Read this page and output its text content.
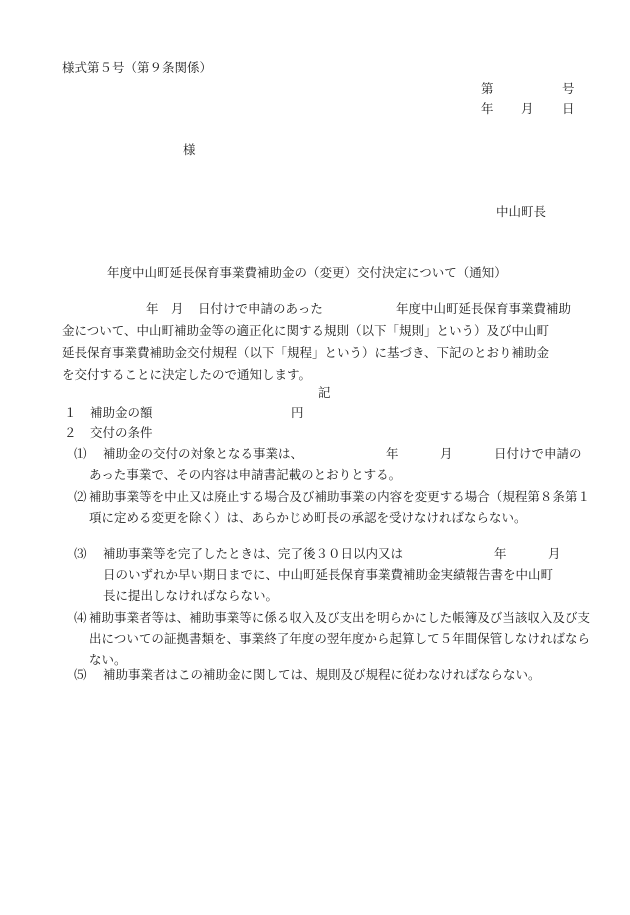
様式第５号（第９条関係）
第	号
年 月 日
様
中山町長
年度中山町延長保育事業費補助金の（変更）交付決定について（通知）
年 月 日付けで申請のあった	年度中山町延長保育事業費補助
金について、中山町補助金等の適正化に関する規則（以下「規則」という）及び中山町
延長保育事業費補助金交付規程（以下「規程」という）に基づき、下記のとおり補助金
を交付することに決定したので通知します。
記
１ 補助金の額	円
２ 交付の条件
⑴ 補助金の交付の対象となる事業は、	年	月	日付けで申請の
あった事業で、その内容は申請書記載のとおりとする。
⑵ 補助事業等を中止又は廃止する場合及び補助事業の内容を変更する場合（規程第８条第１項に定める変更を除く）は、あらかじめ町長の承認を受けなければならない。
⑶ 補助事業等を完了したときは、完了後３０日以内又は	年	月
日のいずれか早い期日までに、中山町延長保育事業費補助金実績報告書を中山町
長に提出しなければならない。
⑷ 補助事業者等は、補助事業等に係る収入及び支出を明らかにした帳簿及び当該収入及び支出についての証拠書類を、事業終了年度の翌年度から起算して５年間保管しなければならない。
⑸ 補助事業者はこの補助金に関しては、規則及び規程に従わなければならない。
